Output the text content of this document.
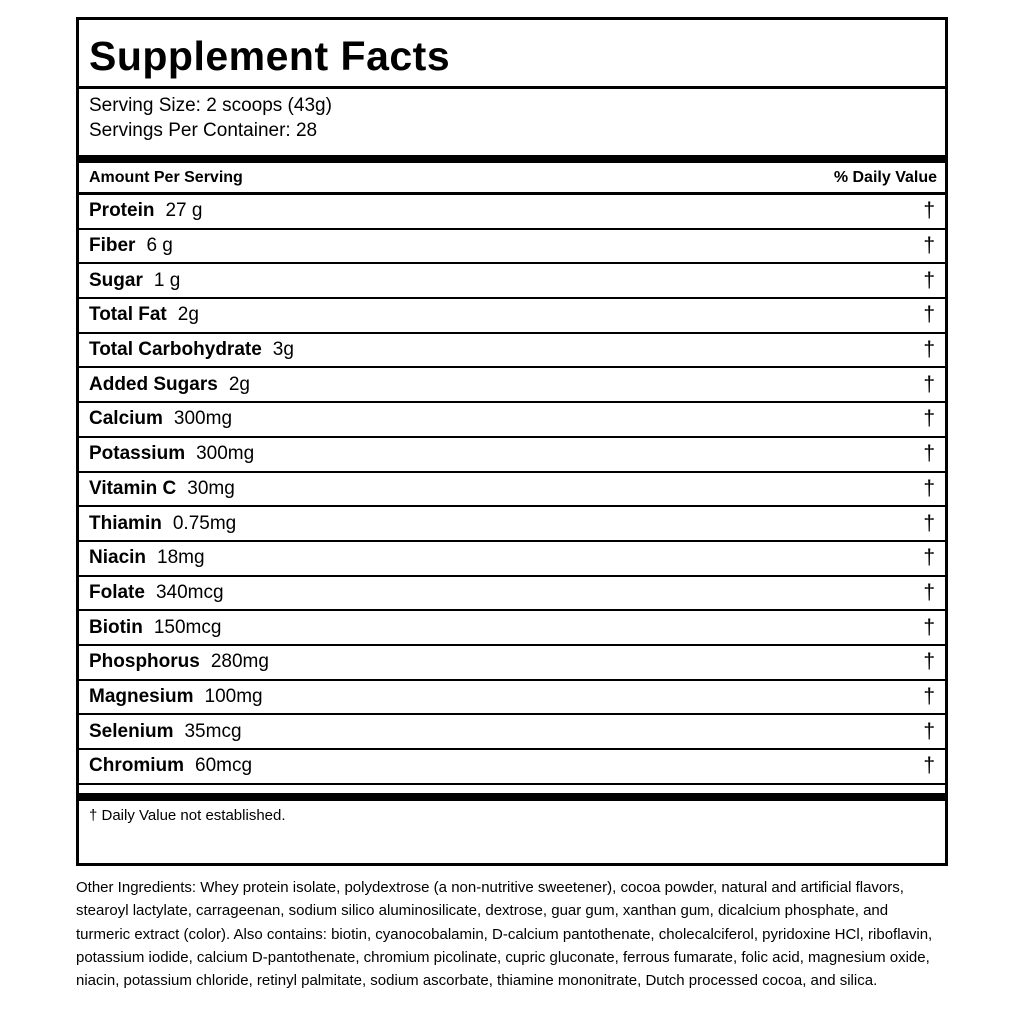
Supplement Facts
Serving Size: 2 scoops (43g)
Servings Per Container: 28
Amount Per Serving	% Daily Value
Protein 27 g	†
Fiber 6 g	†
Sugar 1 g	†
Total Fat 2g	†
Total Carbohydrate 3g	†
Added Sugars 2g	†
Calcium 300mg	†
Potassium 300mg	†
Vitamin C 30mg	†
Thiamin 0.75mg	†
Niacin 18mg	†
Folate 340mcg	†
Biotin 150mcg	†
Phosphorus 280mg	†
Magnesium 100mg	†
Selenium 35mcg	†
Chromium 60mcg	†
† Daily Value not established.
Other Ingredients: Whey protein isolate, polydextrose (a non-nutritive sweetener), cocoa powder, natural and artificial flavors, stearoyl lactylate, carrageenan, sodium silico aluminosilicate, dextrose, guar gum, xanthan gum, dicalcium phosphate, and turmeric extract (color). Also contains: biotin, cyanocobalamin, D-calcium pantothenate, cholecalciferol, pyridoxine HCl, riboflavin, potassium iodide, calcium D-pantothenate, chromium picolinate, cupric gluconate, ferrous fumarate, folic acid, magnesium oxide, niacin, potassium chloride, retinyl palmitate, sodium ascorbate, thiamine mononitrate, Dutch processed cocoa, and silica.
